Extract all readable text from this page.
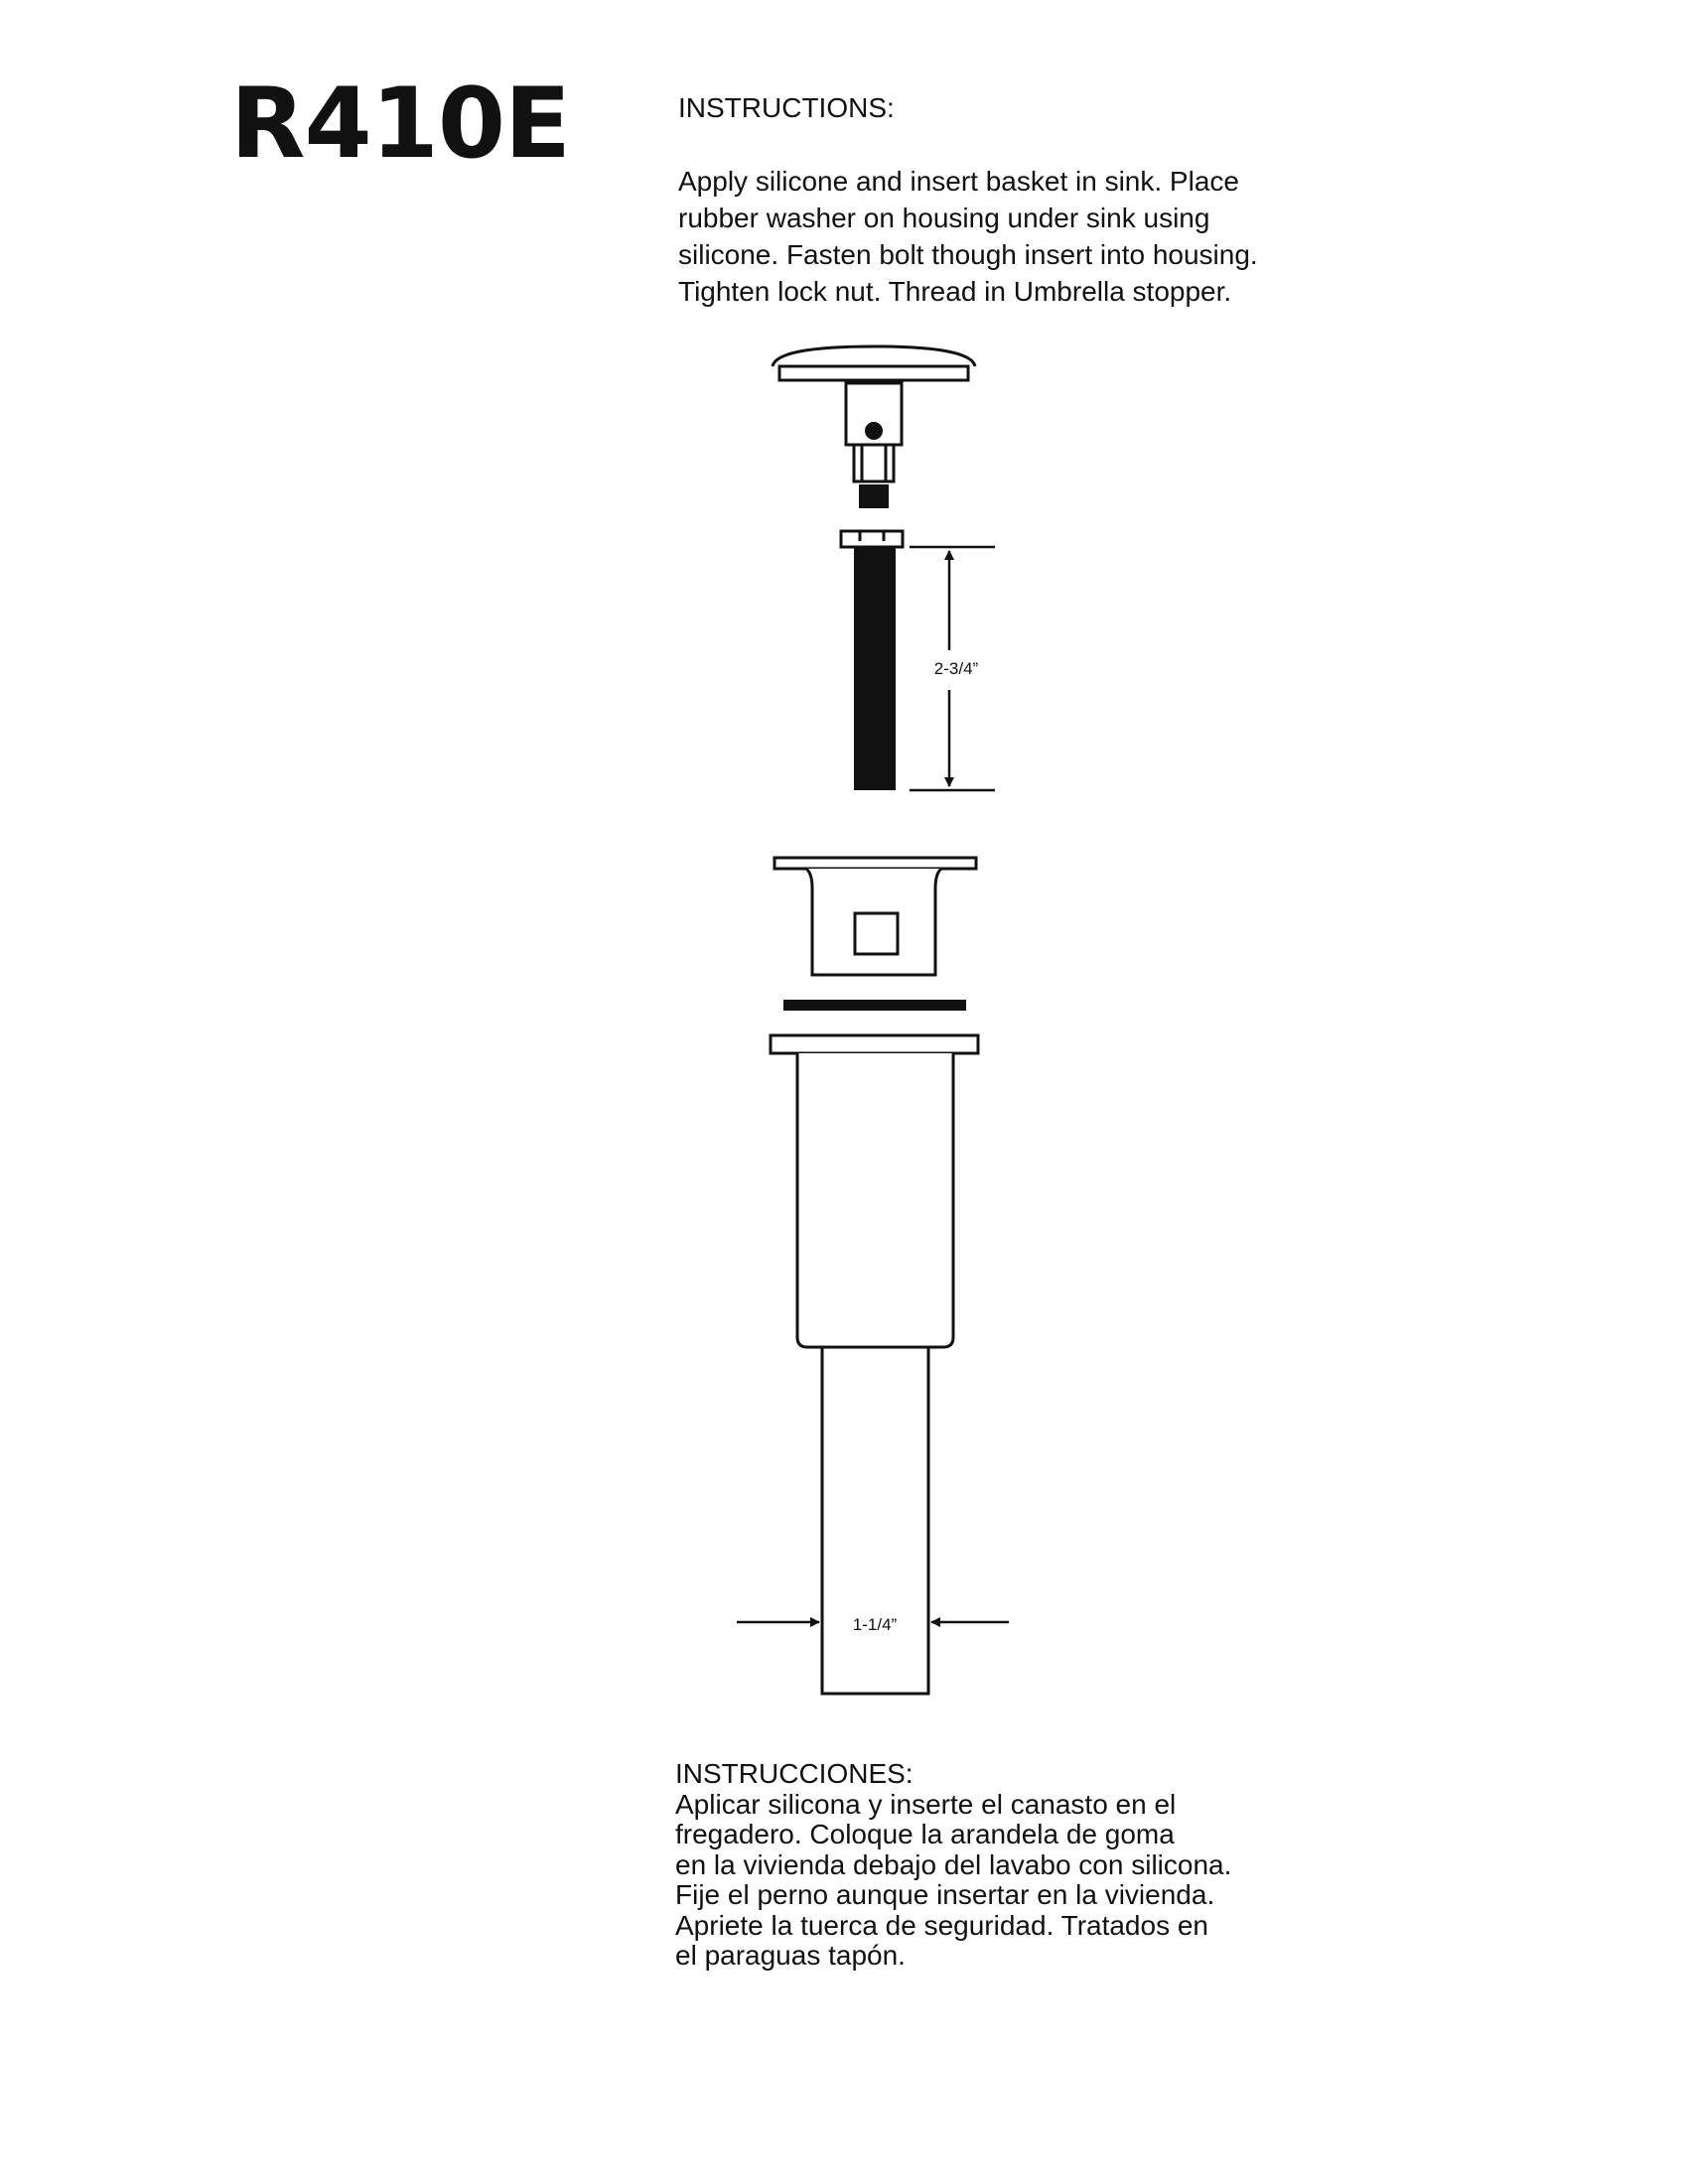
R410E	INSTRUCTIONS:

Apply silicone and insert basket in sink. Place

rubber washer on housing under sink using

silicone. Fasten bolt though insert into housing.

Tighten lock nut. Thread in Umbrella stopper.

2-3/4”
1-1/4”

INSTRUCCIONES:

Aplicar silicona y inserte el canasto en el

fregadero. Coloque la arandela de goma

en la vivienda debajo del lavabo con silicona.

Fije el perno aunque insertar en la vivienda.

Apriete la tuerca de seguridad. Tratados en

el paraguas tapón.
